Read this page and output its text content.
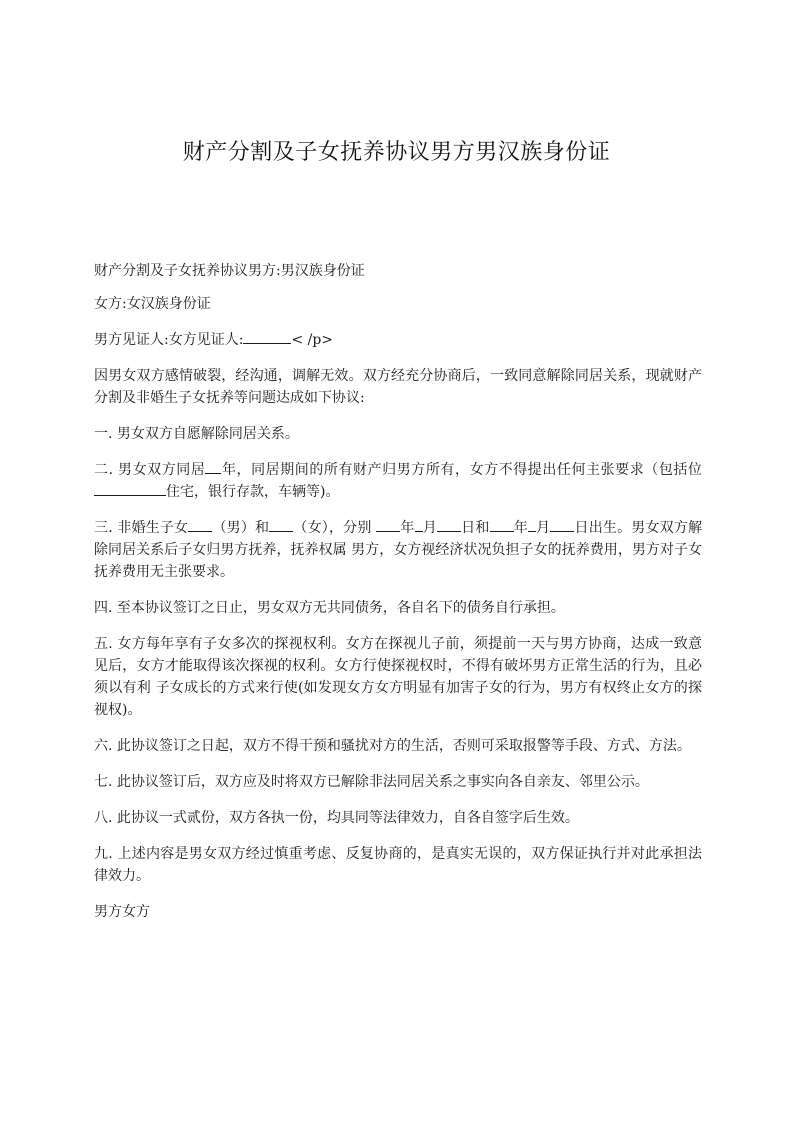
财产分割及子女抚养协议男方男汉族身份证

财产分割及子女抚养协议男方:男汉族身份证

女方:女汉族身份证

男方见证人:女方见证人:	< /p>

因男女双方感情破裂，经沟通，调解无效。双方经充分协商后，一致同意解除同居关系，现就财产分割及非婚生子女抚养等问题达成如下协议:

一. 男女双方自愿解除同居关系。

二. 男女双方同居 年，同居期间的所有财产归男方所有，女方不得提出任何主张要求（包括位 住宅，银行存款，车辆等)。

三. 非婚生子女 （男）和 （女），分别 年 月 日和 年 月 日出生。男女双方解除同居关系后子女归男方抚养，抚养权属 男方，女方视经济状况负担子女的抚养费用，男方对子女抚养费用无主张要求。

四. 至本协议签订之日止，男女双方无共同债务，各自名下的债务自行承担。

五. 女方每年享有子女多次的探视权利。女方在探视儿子前，须提前一天与男方协商，达成一致意见后，女方才能取得该次探视的权利。女方行使探视权时，不得有破坏男方正常生活的行为，且必须以有利 子女成长的方式来行使(如发现女方女方明显有加害子女的行为，男方有权终止女方的探视权)。

六. 此协议签订之日起，双方不得干预和骚扰对方的生活，否则可采取报警等手段、方式、方法。

七. 此协议签订后，双方应及时将双方已解除非法同居关系之事实向各自亲友、邻里公示。

八. 此协议一式贰份，双方各执一份，均具同等法律效力，自各自签字后生效。

九. 上述内容是男女双方经过慎重考虑、反复协商的，是真实无误的，双方保证执行并对此承担法律效力。

男方女方
